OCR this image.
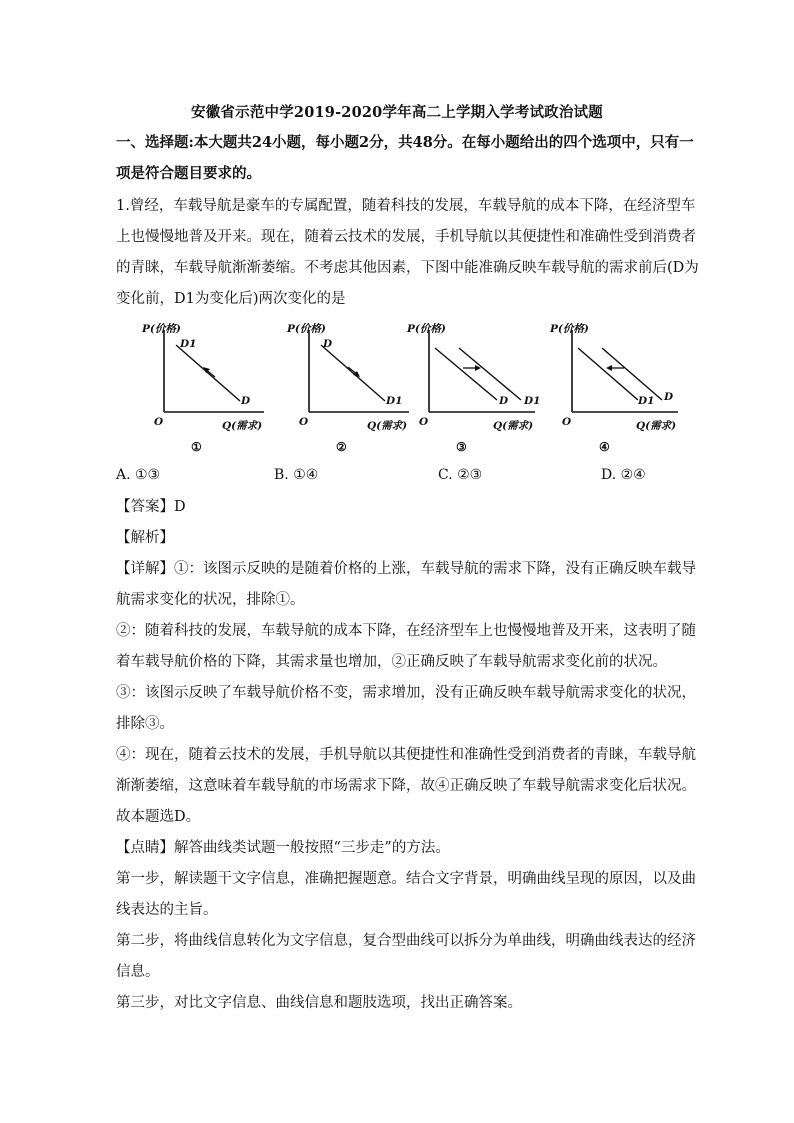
安徽省示范中学2019-2020学年高二上学期入学考试政治试题
一、选择题:本大题共24小题，每小题2分，共48分。在每小题给出的四个选项中，只有一
项是符合题目要求的。
1.曾经，车载导航是豪车的专属配置，随着科技的发展，车载导航的成本下降，在经济型车
上也慢慢地普及开来。现在，随着云技术的发展，手机导航以其便捷性和准确性受到消费者
的青睐，车载导航渐渐萎缩。不考虑其他因素，下图中能准确反映车载导航的需求前后(D为
变化前，D1为变化后)两次变化的是
P(价格)
O	Q(需求)
D1
D
①
P(价格)
O	Q(需求)
D
D1
②
P(价格)
O	Q(需求)
D D1
③
P(价格)
O	Q(需求)
D1 D
④
A. ①③	B. ①④	C. ②③	D. ②④
【答案】D
【解析】
【详解】①：该图示反映的是随着价格的上涨，车载导航的需求下降，没有正确反映车载导
航需求变化的状况，排除①。
②：随着科技的发展，车载导航的成本下降，在经济型车上也慢慢地普及开来，这表明了随
着车载导航价格的下降，其需求量也增加，②正确反映了车载导航需求变化前的状况。
③：该图示反映了车载导航价格不变，需求增加，没有正确反映车载导航需求变化的状况，
排除③。
④：现在，随着云技术的发展，手机导航以其便捷性和准确性受到消费者的青睐，车载导航
渐渐萎缩，这意味着车载导航的市场需求下降，故④正确反映了车载导航需求变化后状况。
故本题选D。
【点睛】解答曲线类试题一般按照“三步走”的方法。
第一步，解读题干文字信息，准确把握题意。结合文字背景，明确曲线呈现的原因，以及曲
线表达的主旨。
第二步，将曲线信息转化为文字信息，复合型曲线可以拆分为单曲线，明确曲线表达的经济
信息。
第三步，对比文字信息、曲线信息和题肢选项，找出正确答案。
